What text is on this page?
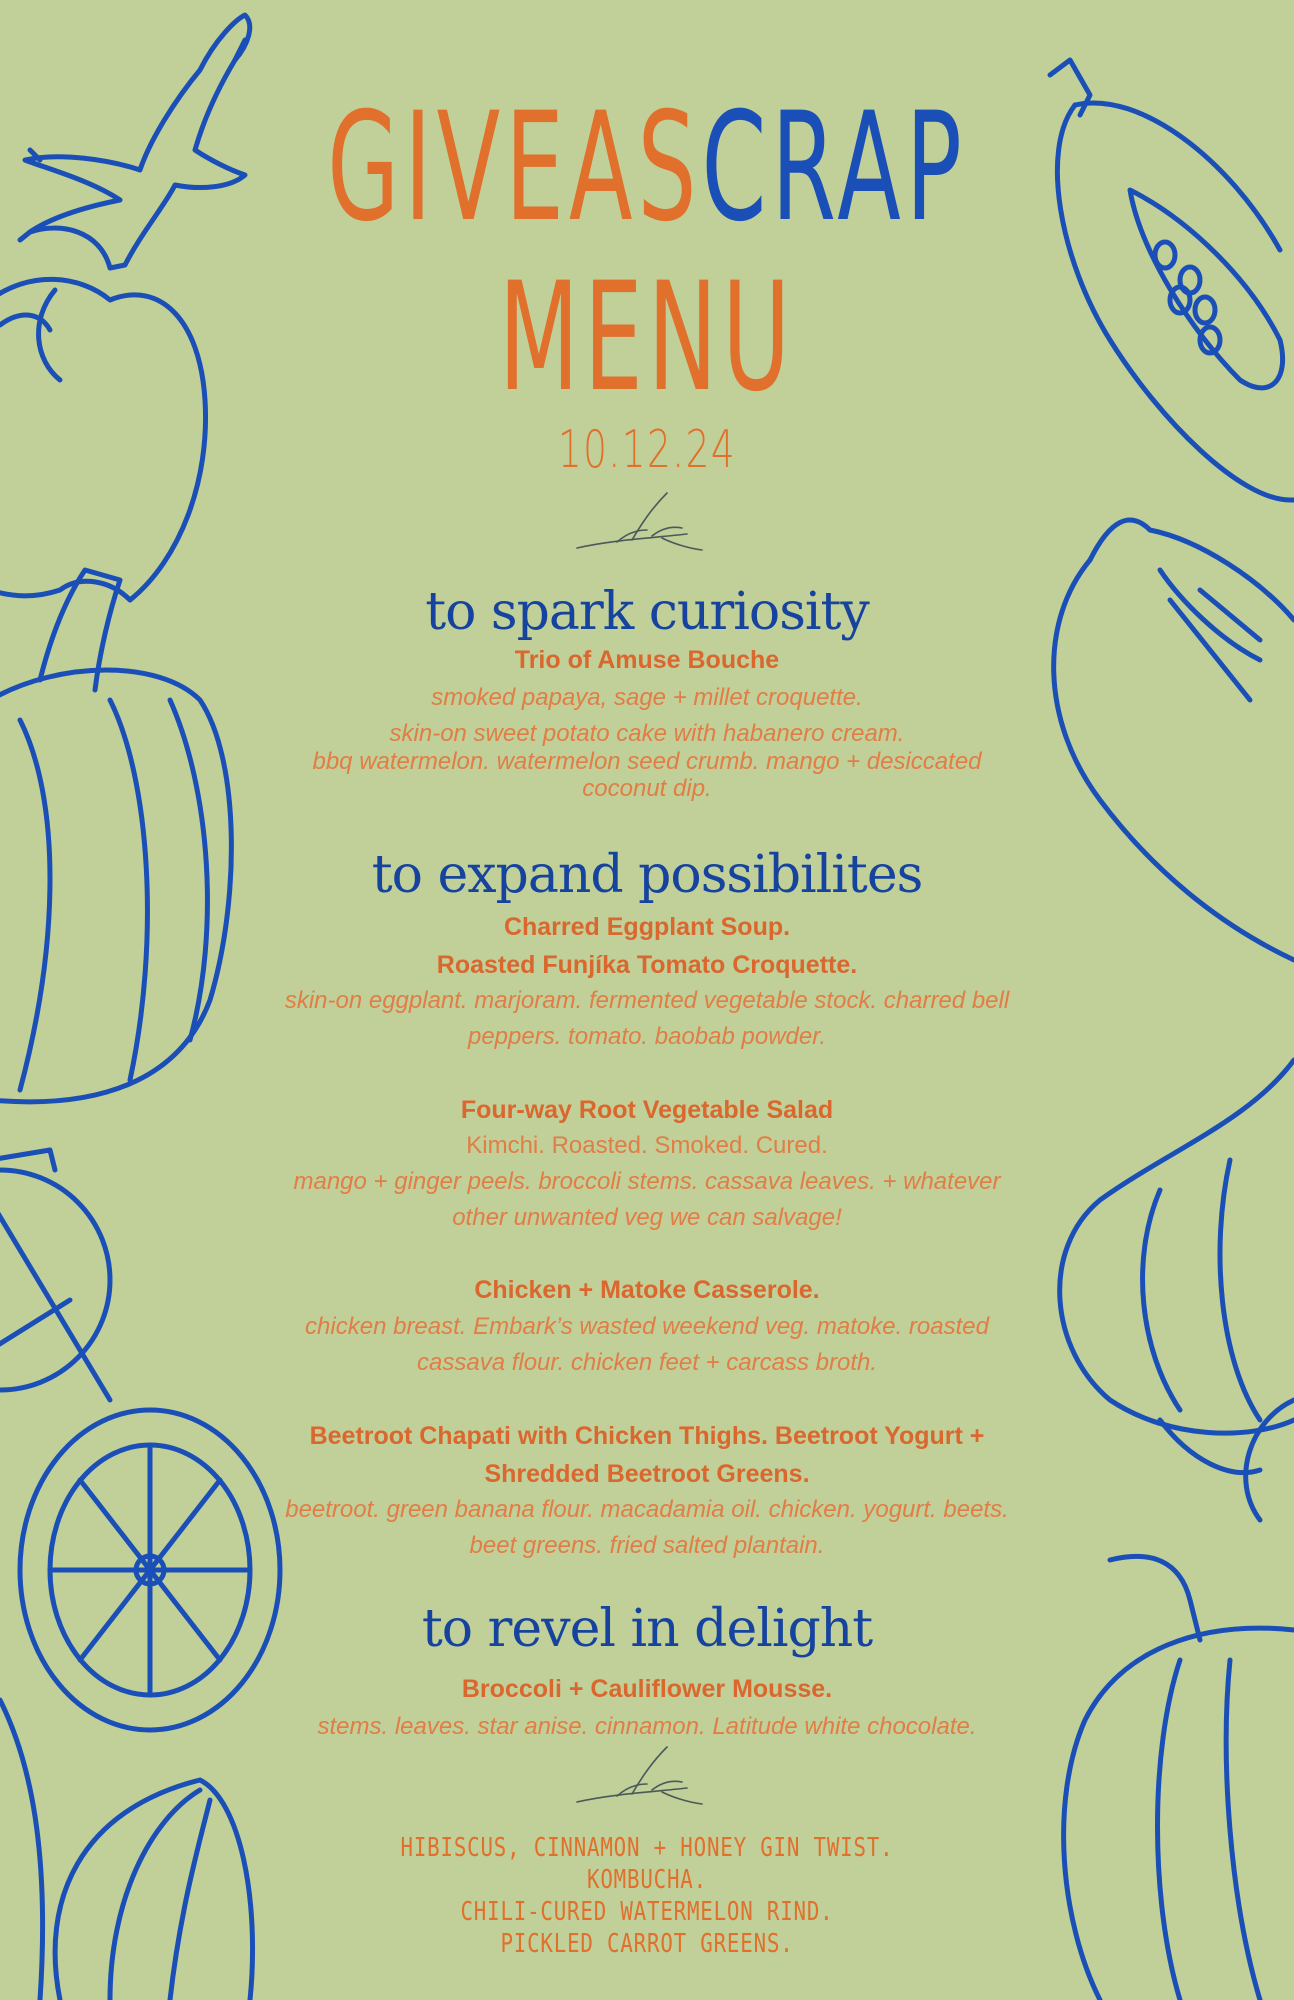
GIVEASCRAP
MENU
10.12.24
to spark curiosity
Trio of Amuse Bouche
smoked papaya, sage + millet croquette.
skin-on sweet potato cake with habanero cream.
bbq watermelon. watermelon seed crumb. mango + desiccated
coconut dip.
to expand possibilites
Charred Eggplant Soup.
Roasted Funjíka Tomato Croquette.
skin-on eggplant. marjoram. fermented vegetable stock. charred bell
peppers. tomato. baobab powder.
Four-way Root Vegetable Salad
Kimchi. Roasted. Smoked. Cured.
mango + ginger peels. broccoli stems. cassava leaves. + whatever
other unwanted veg we can salvage!
Chicken + Matoke Casserole.
chicken breast. Embark’s wasted weekend veg. matoke. roasted
cassava flour. chicken feet + carcass broth.
Beetroot Chapati with Chicken Thighs. Beetroot Yogurt +
Shredded Beetroot Greens.
beetroot. green banana flour. macadamia oil. chicken. yogurt. beets.
beet greens. fried salted plantain.
to revel in delight
Broccoli + Cauliflower Mousse.
stems. leaves. star anise. cinnamon. Latitude white chocolate.
HIBISCUS, CINNAMON + HONEY GIN TWIST.
KOMBUCHA.
CHILI-CURED WATERMELON RIND.
PICKLED CARROT GREENS.
